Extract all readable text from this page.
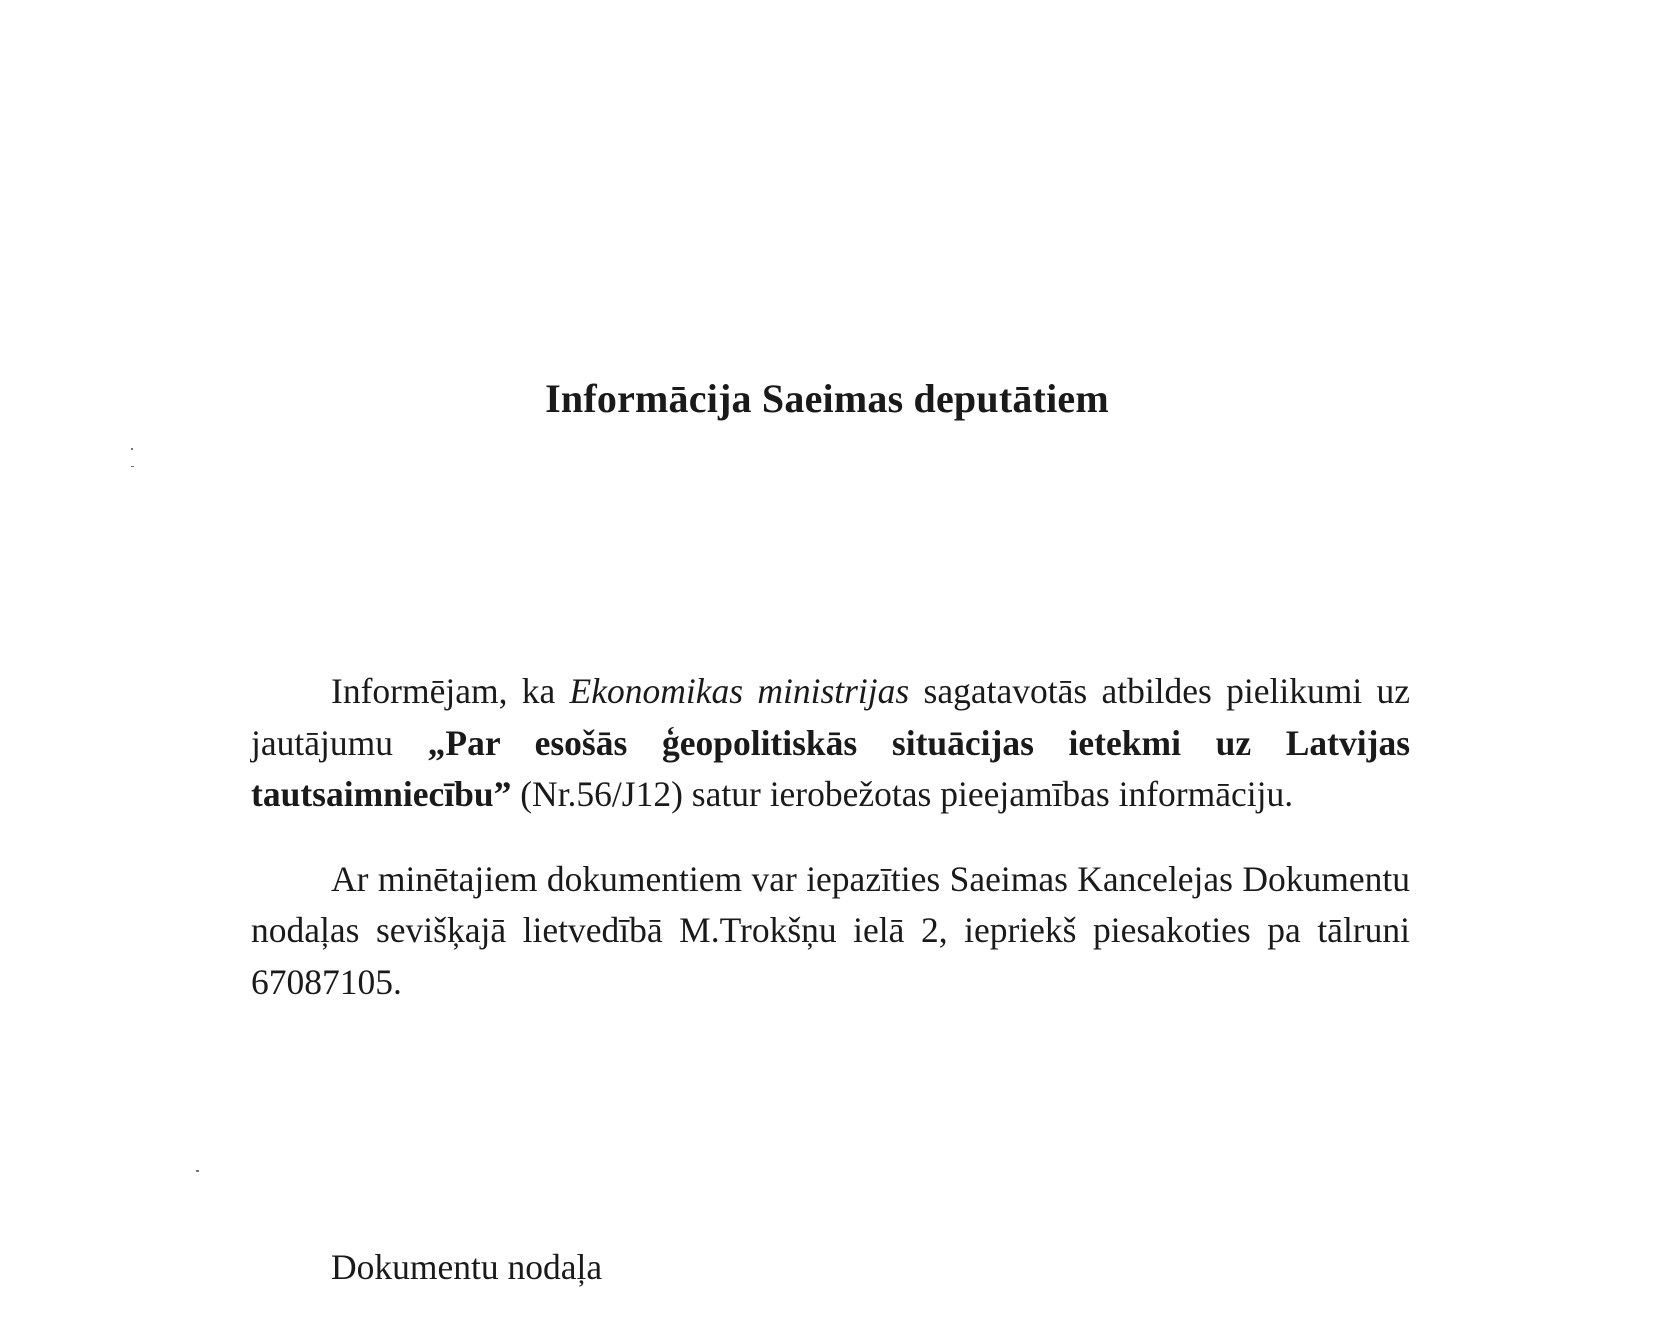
Informācija Saeimas deputātiem

Informējam, ka Ekonomikas ministrijas sagatavotās atbildes pielikumi uz jautājumu „Par esošās ģeopolitiskās situācijas ietekmi uz Latvijas tautsaimniecību” (Nr.56/J12) satur ierobežotas pieejamības informāciju.

Ar minētajiem dokumentiem var iepazīties Saeimas Kancelejas Dokumentu nodaļas sevišķajā lietvedībā M.Trokšņu ielā 2, iepriekš piesakoties pa tālruni 67087105.

Dokumentu nodaļa
